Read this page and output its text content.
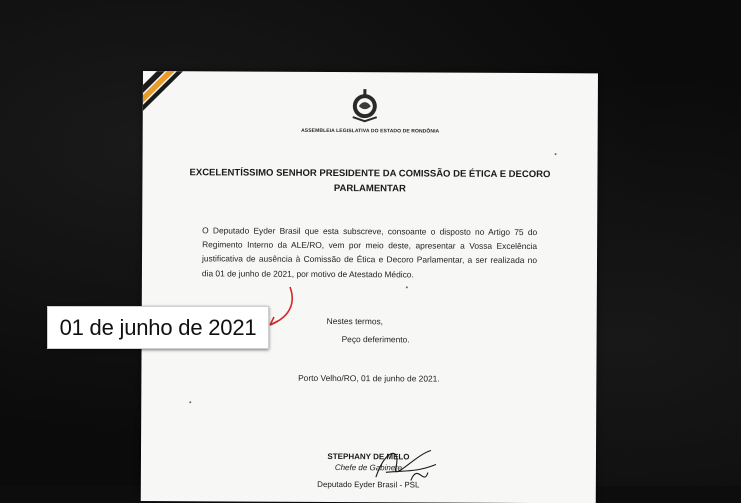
ASSEMBLEIA LEGISLATIVA DO ESTADO DE RONDÔNIA
EXCELENTÍSSIMO SENHOR PRESIDENTE DA COMISSÃO DE ÉTICA E DECORO
PARLAMENTAR
O Deputado Eyder Brasil que esta subscreve, consoante o disposto no Artigo 75 do Regimento Interno da ALE/RO, vem por meio deste, apresentar a Vossa Excelência justificativa de ausência à Comissão de Ética e Decoro Parlamentar, a ser realizada no dia 01 de junho de 2021, por motivo de Atestado Médico.
Nestes termos,
Peço deferimento.
Porto Velho/RO, 01 de junho de 2021.
STEPHANY DE MELO
Chefe de Gabinete
Deputado Eyder Brasil - PSL
01 de junho de 2021
